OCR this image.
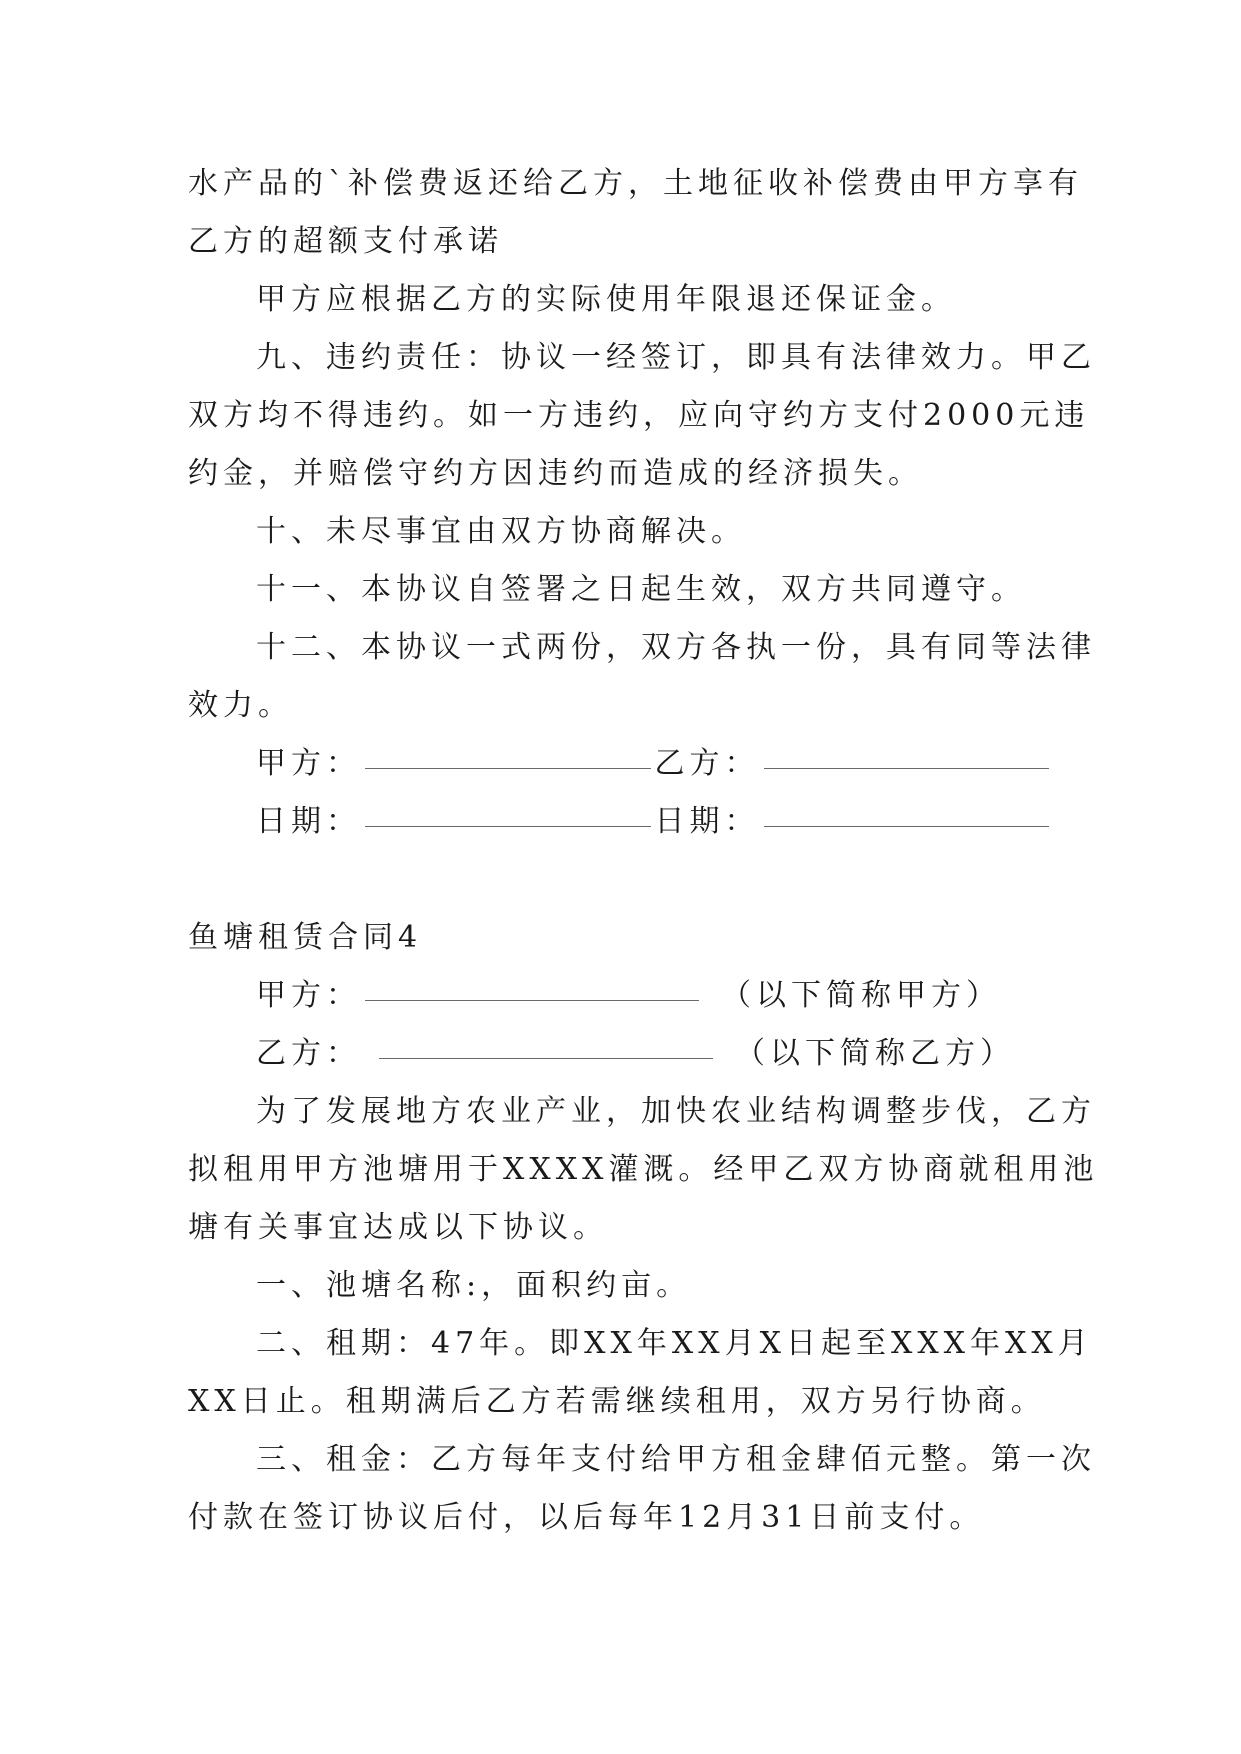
水产品的`补偿费返还给乙方，土地征收补偿费由甲方享有
乙方的超额支付承诺
甲方应根据乙方的实际使用年限退还保证金。
九、违约责任：协议一经签订，即具有法律效力。甲乙
双方均不得违约。如一方违约，应向守约方支付2000元违
约金，并赔偿守约方因违约而造成的经济损失。
十、未尽事宜由双方协商解决。
十一、本协议自签署之日起生效，双方共同遵守。
十二、本协议一式两份，双方各执一份，具有同等法律
效力。
甲方：	乙方：
日期：	日期：
鱼塘租赁合同4
甲方：	（以下简称甲方）
乙方：	（以下简称乙方）
为了发展地方农业产业，加快农业结构调整步伐，乙方
拟租用甲方池塘用于XXXX灌溉。经甲乙双方协商就租用池
塘有关事宜达成以下协议。
一、池塘名称:，面积约亩。
二、租期：47年。即XX年XX月X日起至XXX年XX月
XX日止。租期满后乙方若需继续租用，双方另行协商。
三、租金：乙方每年支付给甲方租金肆佰元整。第一次
付款在签订协议后付，以后每年12月31日前支付。
